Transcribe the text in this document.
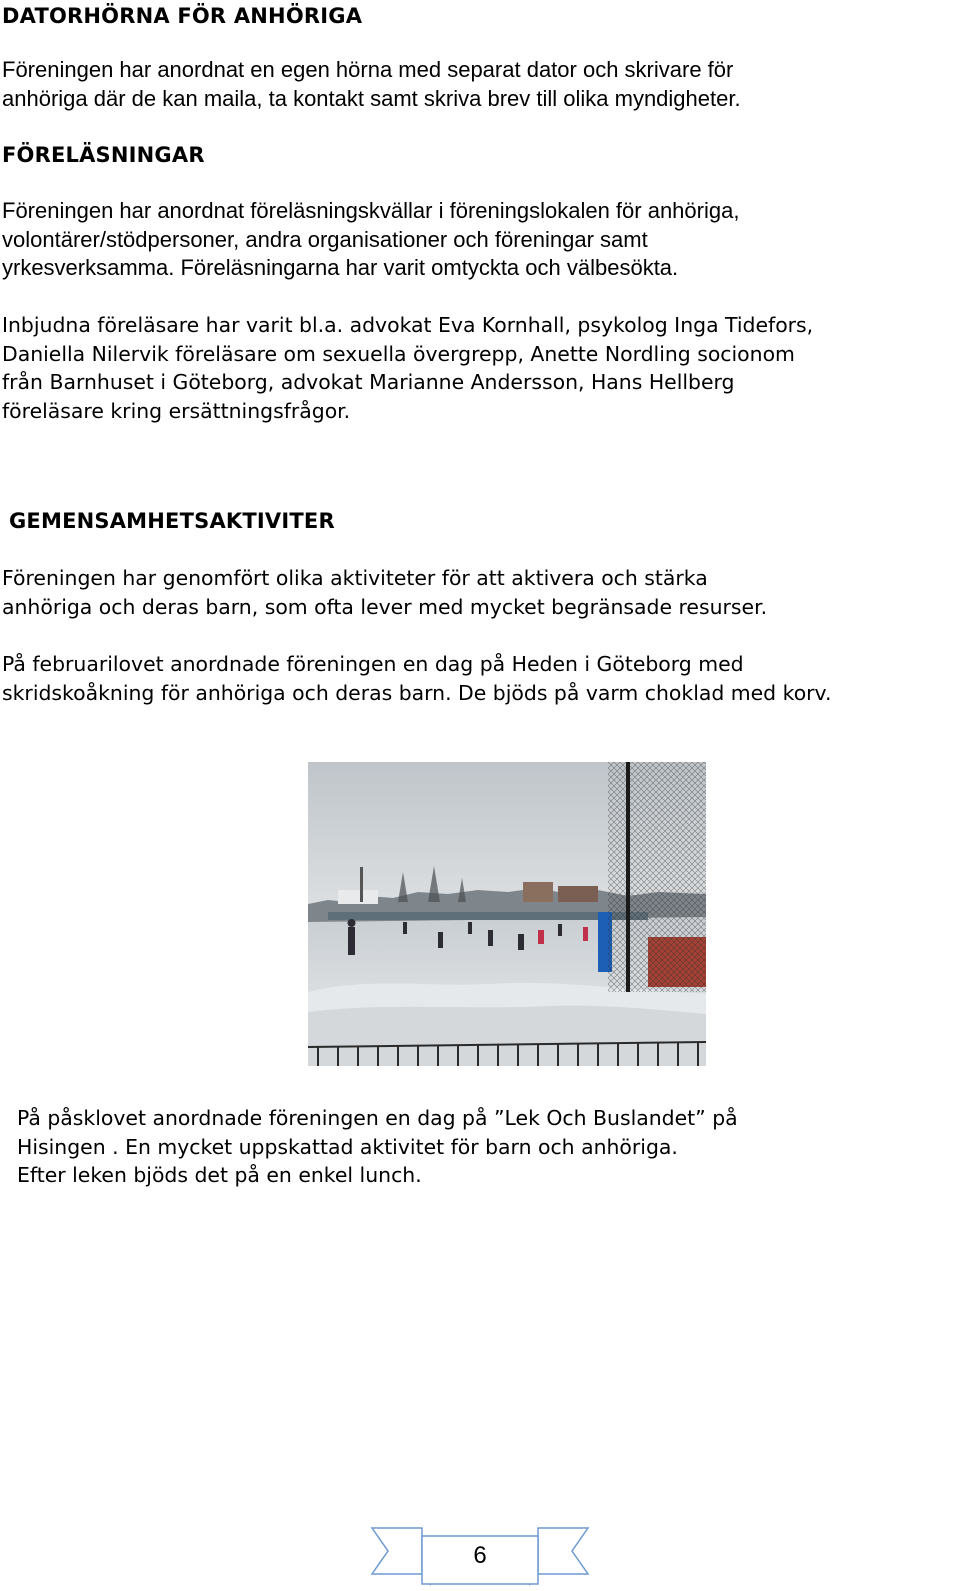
DATORHÖRNA FÖR ANHÖRIGA

Föreningen har anordnat en egen hörna med separat dator och skrivare för
anhöriga där de kan maila, ta kontakt samt skriva brev till olika myndigheter.

FÖRELÄSNINGAR

Föreningen har anordnat föreläsningskvällar i föreningslokalen för anhöriga,
volontärer/stödpersoner, andra organisationer och föreningar samt
yrkesverksamma. Föreläsningarna har varit omtyckta och välbesökta.

Inbjudna föreläsare har varit bl.a. advokat Eva Kornhall, psykolog Inga Tidefors,
Daniella Nilervik föreläsare om sexuella övergrepp, Anette Nordling socionom
från Barnhuset i Göteborg, advokat Marianne Andersson, Hans Hellberg
föreläsare kring ersättningsfrågor.

GEMENSAMHETSAKTIVITER

Föreningen har genomfört olika aktiviteter för att aktivera och stärka
anhöriga och deras barn, som ofta lever med mycket begränsade resurser.

På februarilovet anordnade föreningen en dag på Heden i Göteborg med
skridskoåkning för anhöriga och deras barn. De bjöds på varm choklad med korv.

På påsklovet anordnade föreningen en dag på ”Lek Och Buslandet” på
Hisingen . En mycket uppskattad aktivitet för barn och anhöriga.
Efter leken bjöds det på en enkel lunch.

6
